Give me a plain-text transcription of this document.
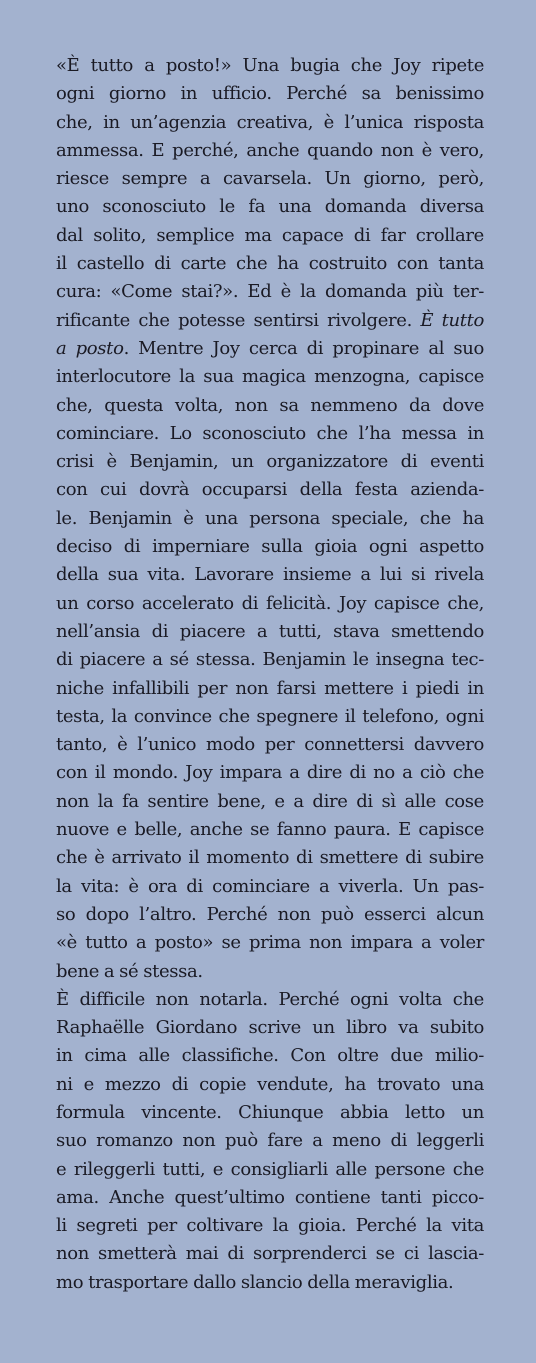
«È tutto a posto!» Una bugia che Joy ripete
ogni giorno in ufficio. Perché sa benissimo
che, in un’agenzia creativa, è l’unica risposta
ammessa. E perché, anche quando non è vero,
riesce sempre a cavarsela. Un giorno, però,
uno sconosciuto le fa una domanda diversa
dal solito, semplice ma capace di far crollare
il castello di carte che ha costruito con tanta
cura: «Come stai?». Ed è la domanda più ter-
rificante che potesse sentirsi rivolgere. È tutto
a posto. Mentre Joy cerca di propinare al suo
interlocutore la sua magica menzogna, capisce
che, questa volta, non sa nemmeno da dove
cominciare. Lo sconosciuto che l’ha messa in
crisi è Benjamin, un organizzatore di eventi
con cui dovrà occuparsi della festa azienda-
le. Benjamin è una persona speciale, che ha
deciso di imperniare sulla gioia ogni aspetto
della sua vita. Lavorare insieme a lui si rivela
un corso accelerato di felicità. Joy capisce che,
nell’ansia di piacere a tutti, stava smettendo
di piacere a sé stessa. Benjamin le insegna tec-
niche infallibili per non farsi mettere i piedi in
testa, la convince che spegnere il telefono, ogni
tanto, è l’unico modo per connettersi davvero
con il mondo. Joy impara a dire di no a ciò che
non la fa sentire bene, e a dire di sì alle cose
nuove e belle, anche se fanno paura. E capisce
che è arrivato il momento di smettere di subire
la vita: è ora di cominciare a viverla. Un pas-
so dopo l’altro. Perché non può esserci alcun
«è tutto a posto» se prima non impara a voler
bene a sé stessa.
È difficile non notarla. Perché ogni volta che
Raphaëlle Giordano scrive un libro va subito
in cima alle classifiche. Con oltre due milio-
ni e mezzo di copie vendute, ha trovato una
formula vincente. Chiunque abbia letto un
suo romanzo non può fare a meno di leggerli
e rileggerli tutti, e consigliarli alle persone che
ama. Anche quest’ultimo contiene tanti picco-
li segreti per coltivare la gioia. Perché la vita
non smetterà mai di sorprenderci se ci lascia-
mo trasportare dallo slancio della meraviglia.
